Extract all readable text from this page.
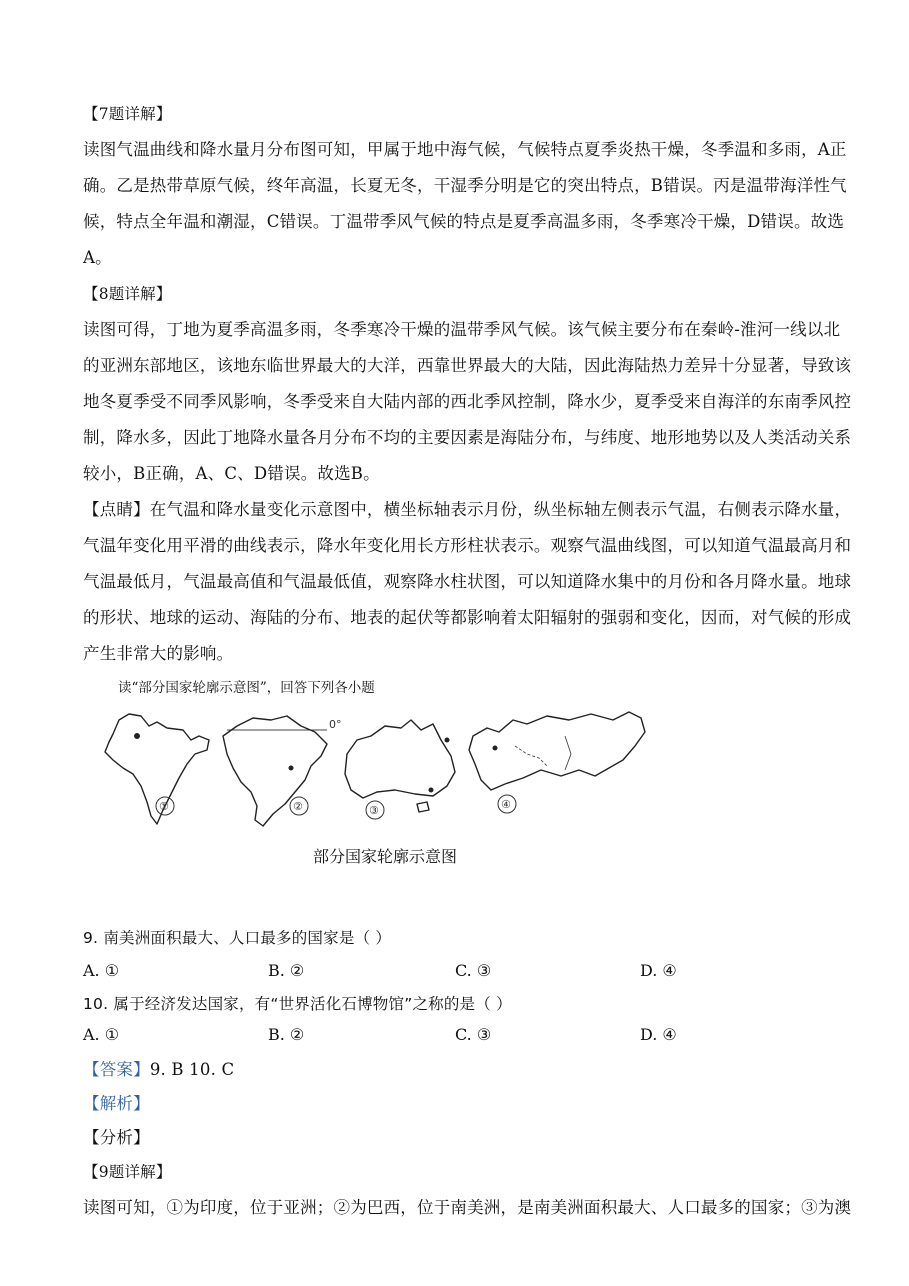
【7题详解】
读图气温曲线和降水量月分布图可知，甲属于地中海气候，气候特点夏季炎热干燥，冬季温和多雨，A正
确。乙是热带草原气候，终年高温，长夏无冬，干湿季分明是它的突出特点，B错误。丙是温带海洋性气
候，特点全年温和潮湿，C错误。丁温带季风气候的特点是夏季高温多雨，冬季寒冷干燥，D错误。故选
A。
【8题详解】
读图可得，丁地为夏季高温多雨，冬季寒冷干燥的温带季风气候。该气候主要分布在秦岭-淮河一线以北
的亚洲东部地区，该地东临世界最大的大洋，西靠世界最大的大陆，因此海陆热力差异十分显著，导致该
地冬夏季受不同季风影响，冬季受来自大陆内部的西北季风控制，降水少，夏季受来自海洋的东南季风控
制，降水多，因此丁地降水量各月分布不均的主要因素是海陆分布，与纬度、地形地势以及人类活动关系
较小，B正确，A、C、D错误。故选B。
【点睛】在气温和降水量变化示意图中，横坐标轴表示月份，纵坐标轴左侧表示气温，右侧表示降水量，
气温年变化用平滑的曲线表示，降水年变化用长方形柱状表示。观察气温曲线图，可以知道气温最高月和
气温最低月，气温最高值和气温最低值，观察降水柱状图，可以知道降水集中的月份和各月降水量。地球
的形状、地球的运动、海陆的分布、地表的起伏等都影响着太阳辐射的强弱和变化，因而，对气候的形成
产生非常大的影响。
读“部分国家轮廓示意图”，回答下列各小题
①
0°
②	③	④
部分国家轮廓示意图
9. 南美洲面积最大、人口最多的国家是（ ）
A. ①	B. ②	C. ③	D. ④
10. 属于经济发达国家，有“世界活化石博物馆”之称的是（ ）
A. ①	B. ②	C. ③	D. ④
【答案】9. B 10. C
【解析】
【分析】
【9题详解】
读图可知，①为印度，位于亚洲；②为巴西，位于南美洲，是南美洲面积最大、人口最多的国家；③为澳
